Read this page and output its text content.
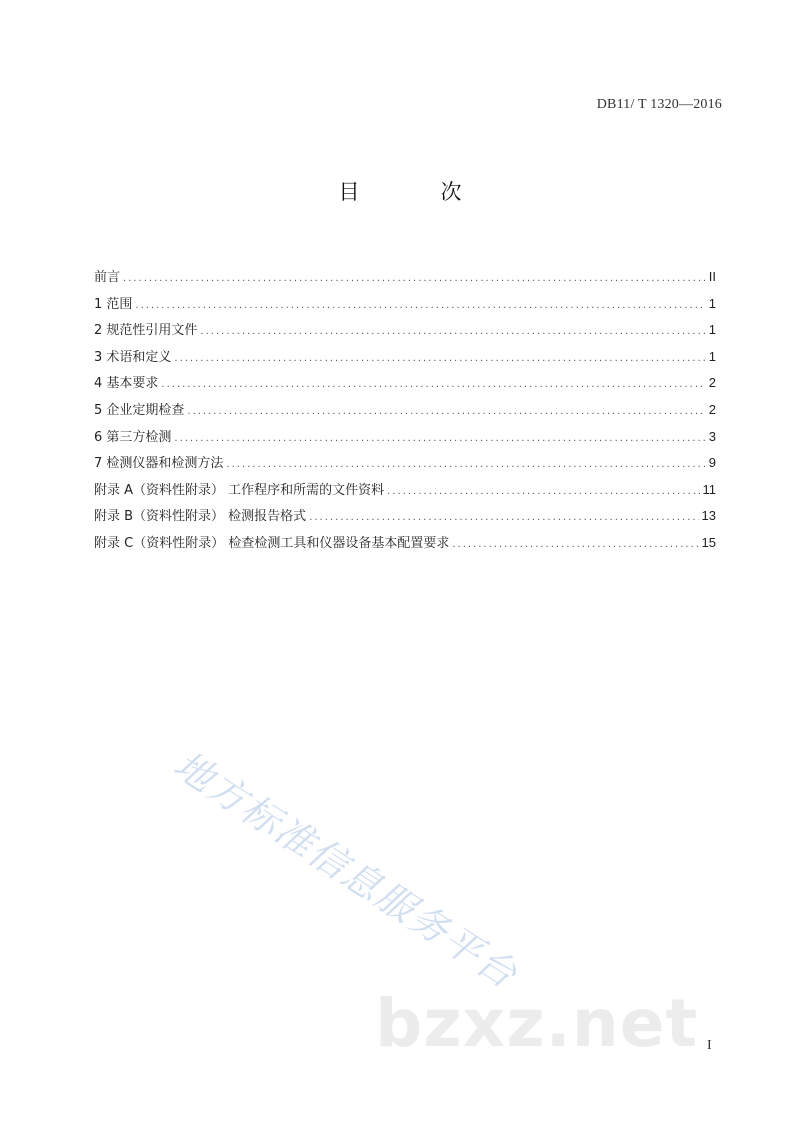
DB11/ T 1320—2016
目　次
前言 .....	II
1 范围 .....	1
2 规范性引用文件 .....	1
3 术语和定义 .....	1
4 基本要求 .....	2
5 企业定期检查 .....	2
6 第三方检测 .....	3
7 检测仪器和检测方法 .....	9
附录 A（资料性附录） 工作程序和所需的文件资料 .....	11
附录 B（资料性附录） 检测报告格式 .....	13
附录 C（资料性附录） 检查检测工具和仪器设备基本配置要求 .....	15
地方标准信息服务平台
bzxz.net I
